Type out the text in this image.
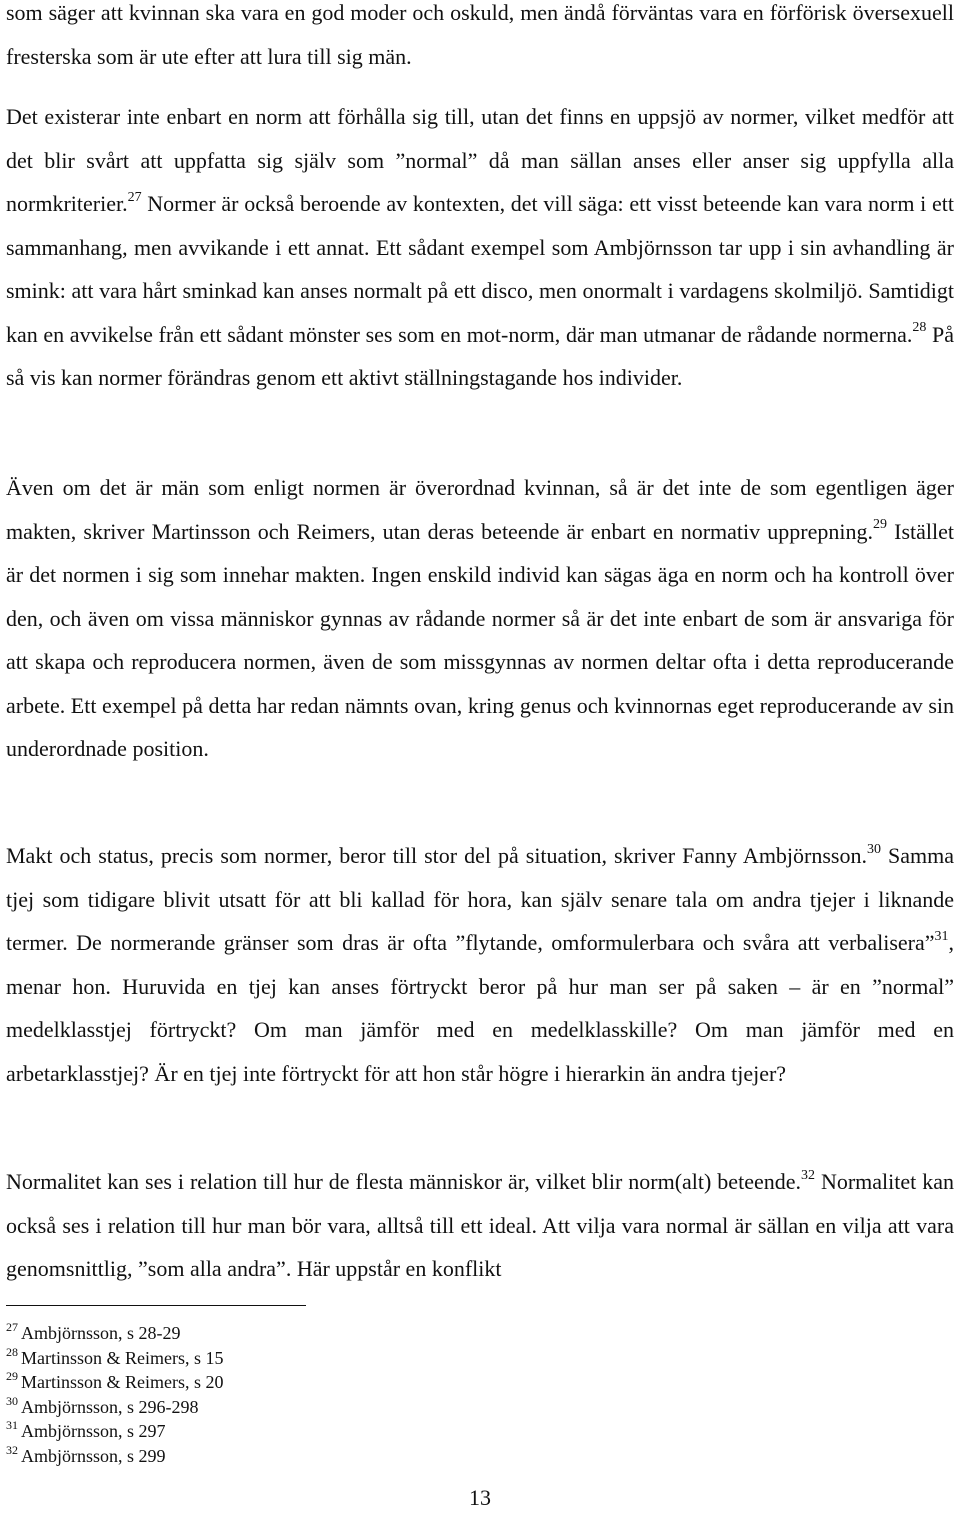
som säger att kvinnan ska vara en god moder och oskuld, men ändå förväntas vara en förförisk översexuell fresterska som är ute efter att lura till sig män.

Det existerar inte enbart en norm att förhålla sig till, utan det finns en uppsjö av normer, vilket medför att det blir svårt att uppfatta sig själv som ”normal” då man sällan anses eller anser sig uppfylla alla normkriterier.$^{27}$ Normer är också beroende av kontexten, det vill säga: ett visst beteende kan vara norm i ett sammanhang, men avvikande i ett annat. Ett sådant exempel som Ambjörnsson tar upp i sin avhandling är smink: att vara hårt sminkad kan anses normalt på ett disco, men onormalt i vardagens skolmiljö. Samtidigt kan en avvikelse från ett sådant mönster ses som en mot-norm, där man utmanar de rådande normerna.$^{28}$ På så vis kan normer förändras genom ett aktivt ställningstagande hos individer.

Även om det är män som enligt normen är överordnad kvinnan, så är det inte de som egentligen äger makten, skriver Martinsson och Reimers, utan deras beteende är enbart en normativ upprepning.$^{29}$ Istället är det normen i sig som innehar makten. Ingen enskild individ kan sägas äga en norm och ha kontroll över den, och även om vissa människor gynnas av rådande normer så är det inte enbart de som är ansvariga för att skapa och reproducera normen, även de som missgynnas av normen deltar ofta i detta reproducerande arbete. Ett exempel på detta har redan nämnts ovan, kring genus och kvinnornas eget reproducerande av sin underordnade position.

Makt och status, precis som normer, beror till stor del på situation, skriver Fanny Ambjörnsson.$^{30}$ Samma tjej som tidigare blivit utsatt för att bli kallad för hora, kan själv senare tala om andra tjejer i liknande termer. De normerande gränser som dras är ofta ”flytande, omformulerbara och svåra att verbalisera”$^{31}$, menar hon. Huruvida en tjej kan anses förtryckt beror på hur man ser på saken – är en ”normal” medelklasstjej förtryckt? Om man jämför med en medelklasskille? Om man jämför med en arbetarklasstjej? Är en tjej inte förtryckt för att hon står högre i hierarkin än andra tjejer?

Normalitet kan ses i relation till hur de flesta människor är, vilket blir norm(alt) beteende.$^{32}$ Normalitet kan också ses i relation till hur man bör vara, alltså till ett ideal. Att vilja vara normal är sällan en vilja att vara genomsnittlig, ”som alla andra”. Här uppstår en konflikt

$^{27}$ Ambjörnsson, s 28-29

$^{28}$ Martinsson & Reimers, s 15

$^{29}$ Martinsson & Reimers, s 20

$^{30}$ Ambjörnsson, s 296-298

$^{31}$ Ambjörnsson, s 297

$^{32}$ Ambjörnsson, s 299

13
